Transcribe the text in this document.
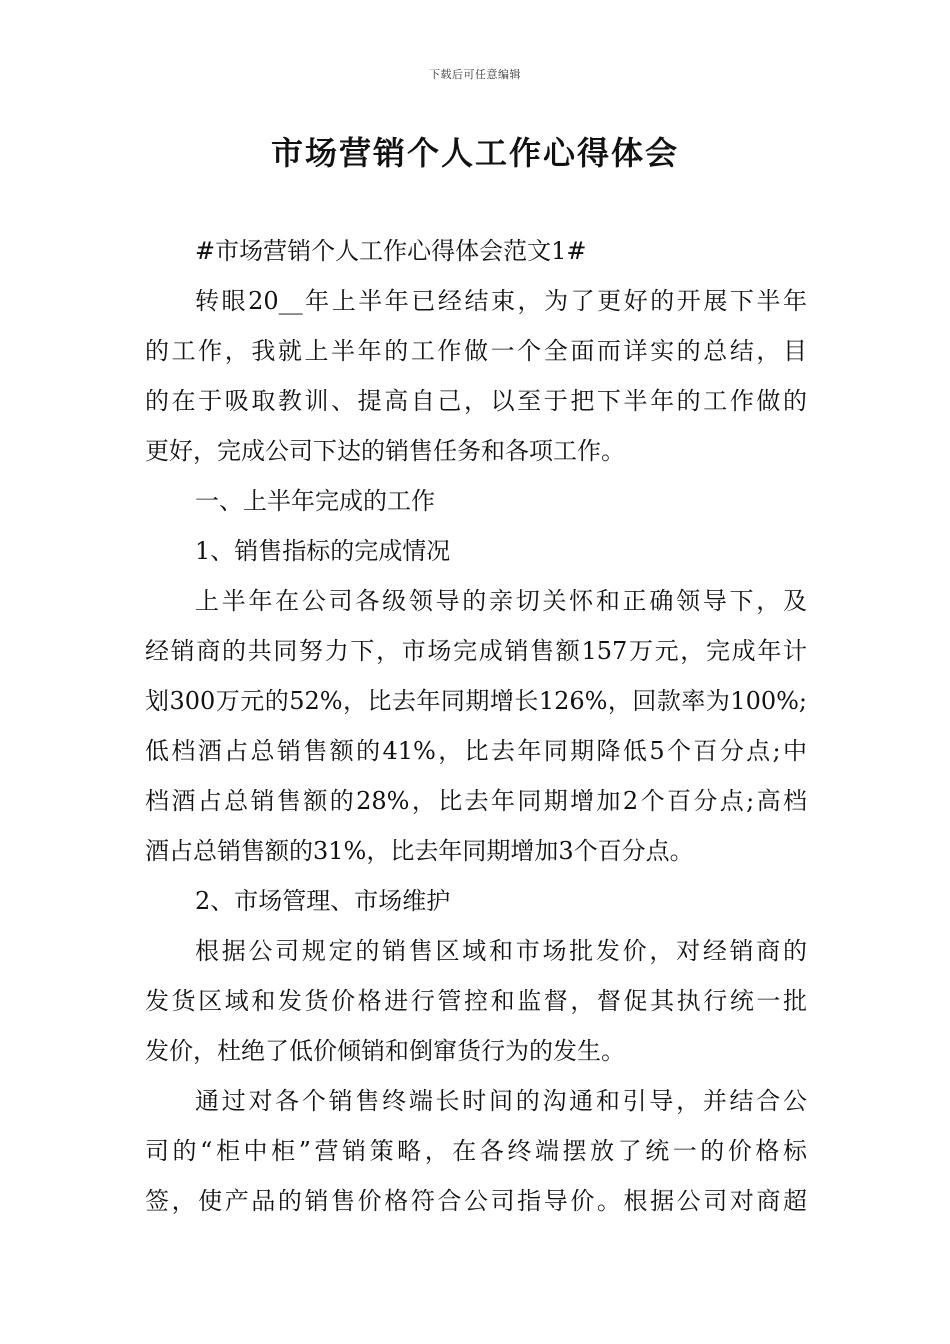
下载后可任意编辑
市场营销个人工作心得体会
#市场营销个人工作心得体会范文1#
转眼20__年上半年已经结束，为了更好的开展下半年
的工作，我就上半年的工作做一个全面而详实的总结，目
的在于吸取教训、提高自己，以至于把下半年的工作做的
更好，完成公司下达的销售任务和各项工作。
一、上半年完成的工作
1、销售指标的完成情况
上半年在公司各级领导的亲切关怀和正确领导下，及
经销商的共同努力下，市场完成销售额157万元，完成年计
划300万元的52%，比去年同期增长126%，回款率为100%;
低档酒占总销售额的41%，比去年同期降低5个百分点;中
档酒占总销售额的28%，比去年同期增加2个百分点;高档
酒占总销售额的31%，比去年同期增加3个百分点。
2、市场管理、市场维护
根据公司规定的销售区域和市场批发价，对经销商的
发货区域和发货价格进行管控和监督，督促其执行统一批
发价，杜绝了低价倾销和倒窜货行为的发生。
通过对各个销售终端长时间的沟通和引导，并结合公
司的“柜中柜”营销策略，在各终端摆放了统一的价格标
签，使产品的销售价格符合公司指导价。根据公司对商超
